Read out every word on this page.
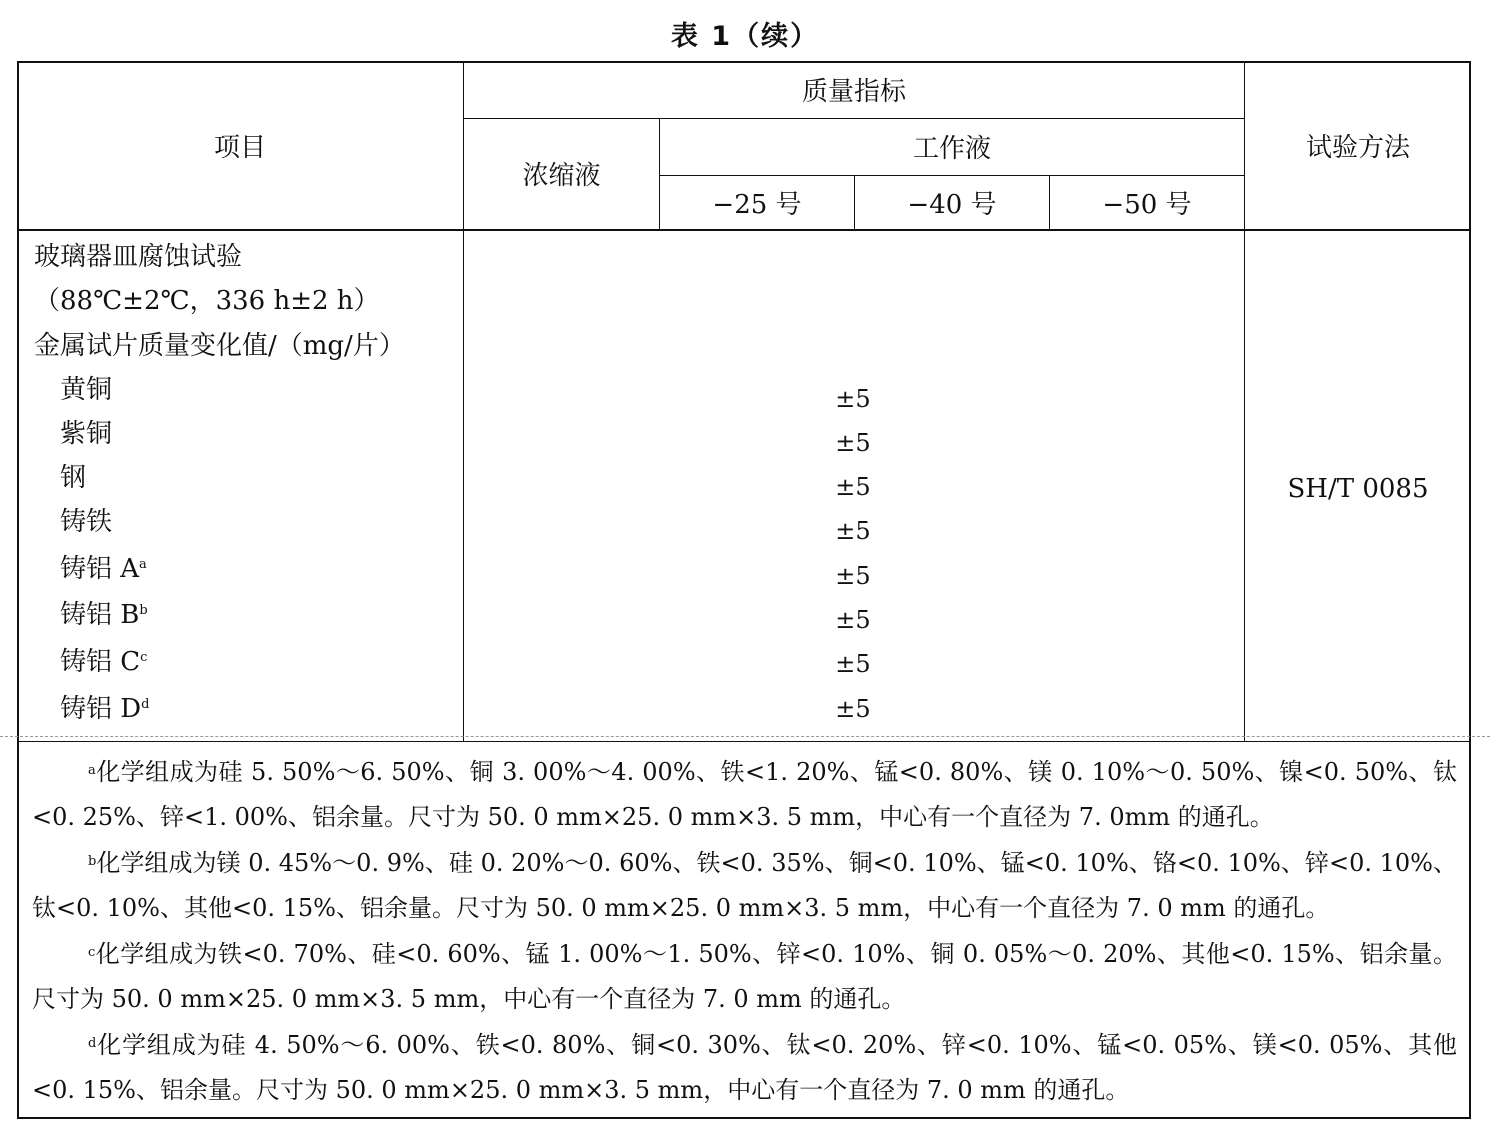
表 1（续）
项目
质量指标
浓缩液
工作液
−25 号	−40 号	−50 号
试验方法
玻璃器皿腐蚀试验
（88℃±2℃，336 h±2 h）
金属试片质量变化值/（mg/片）
黄铜
紫铜
钢
铸铁
铸铝 $A^a$
铸铝 $B^b$
铸铝 $C^c$
铸铝 $D^d$
±5
±5
±5
±5
±5
±5
±5
±5
SH/T 0085
$^a$化学组成为硅 5. 50%～6. 50%、铜 3. 00%～4. 00%、铁<1. 20%、锰<0. 80%、镁 0. 10%～0. 50%、镍<0. 50%、钛<0. 25%、锌<1. 00%、铝余量。尺寸为 50. 0 mm×25. 0 mm×3. 5 mm，中心有一个直径为 7. 0mm 的通孔。
$^b$化学组成为镁 0. 45%～0. 9%、硅 0. 20%～0. 60%、铁<0. 35%、铜<0. 10%、锰<0. 10%、铬<0. 10%、锌<0. 10%、钛<0. 10%、其他<0. 15%、铝余量。尺寸为 50. 0 mm×25. 0 mm×3. 5 mm，中心有一个直径为 7. 0 mm 的通孔。
$^c$化学组成为铁<0. 70%、硅<0. 60%、锰 1. 00%～1. 50%、锌<0. 10%、铜 0. 05%～0. 20%、其他<0. 15%、铝余量。尺寸为 50. 0 mm×25. 0 mm×3. 5 mm，中心有一个直径为 7. 0 mm 的通孔。
$^d$化学组成为硅 4. 50%～6. 00%、铁<0. 80%、铜<0. 30%、钛<0. 20%、锌<0. 10%、锰<0. 05%、镁<0. 05%、其他<0. 15%、铝余量。尺寸为 50. 0 mm×25. 0 mm×3. 5 mm，中心有一个直径为 7. 0 mm 的通孔。
